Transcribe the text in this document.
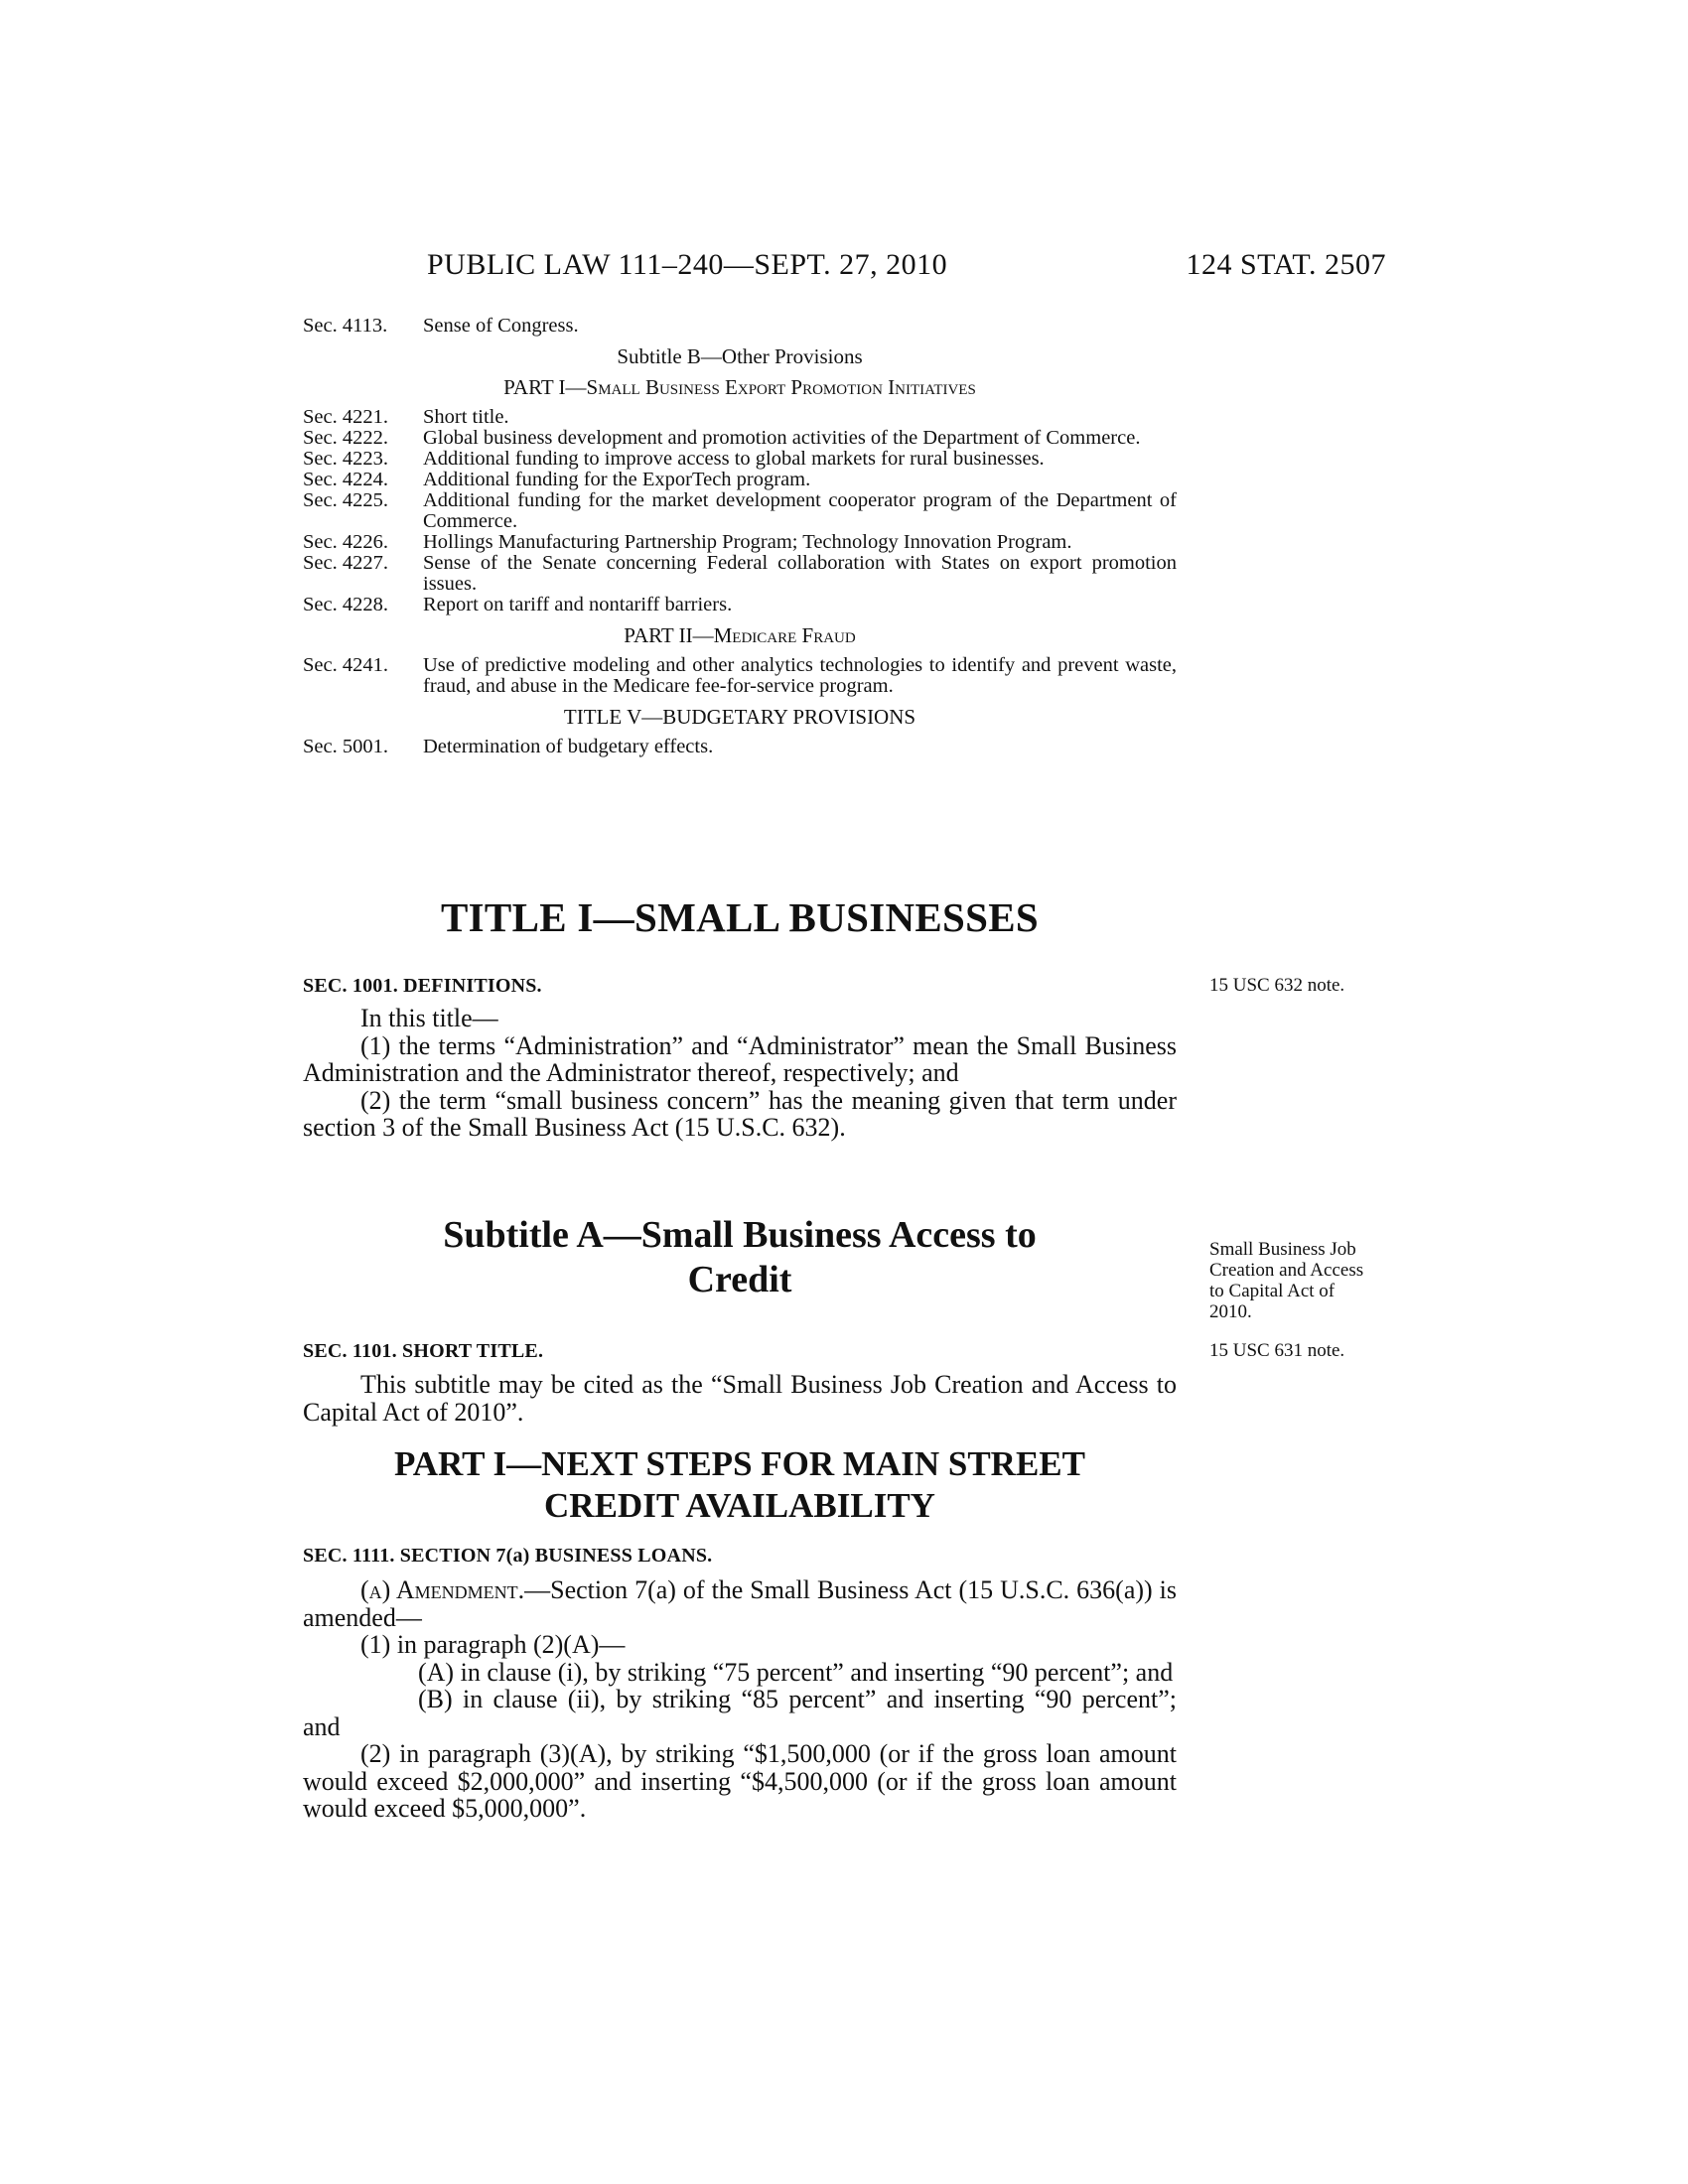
PUBLIC LAW 111–240—SEPT. 27, 2010	124 STAT. 2507
Sec. 4113.	Sense of Congress.
Subtitle B—Other Provisions
PART I—Small Business Export Promotion Initiatives
Sec. 4221.	Short title.
Sec. 4222.	Global business development and promotion activities of the Department of Commerce.
Sec. 4223.	Additional funding to improve access to global markets for rural businesses.
Sec. 4224.	Additional funding for the ExporTech program.
Sec. 4225.	Additional funding for the market development cooperator program of the Department of Commerce.
Sec. 4226.	Hollings Manufacturing Partnership Program; Technology Innovation Program.
Sec. 4227.	Sense of the Senate concerning Federal collaboration with States on export promotion issues.
Sec. 4228.	Report on tariff and nontariff barriers.
PART II—Medicare Fraud
Sec. 4241.	Use of predictive modeling and other analytics technologies to identify and prevent waste, fraud, and abuse in the Medicare fee-for-service program.
TITLE V—BUDGETARY PROVISIONS
Sec. 5001.	Determination of budgetary effects.
TITLE I—SMALL BUSINESSES
SEC. 1001. DEFINITIONS.	15 USC 632 note.

In this title—

(1) the terms “Administration” and “Administrator” mean the Small Business Administration and the Administrator thereof, respectively; and

(2) the term “small business concern” has the meaning given that term under section 3 of the Small Business Act (15 U.S.C. 632).

Subtitle A—Small Business Access to
Credit
Small Business Job Creation and Access to Capital Act of 2010.
SEC. 1101. SHORT TITLE.	15 USC 631 note.

This subtitle may be cited as the “Small Business Job Creation and Access to Capital Act of 2010”.

PART I—NEXT STEPS FOR MAIN STREET
CREDIT AVAILABILITY
SEC. 1111. SECTION 7(a) BUSINESS LOANS.

(a) Amendment.—Section 7(a) of the Small Business Act (15 U.S.C. 636(a)) is amended—

(1) in paragraph (2)(A)—

(A) in clause (i), by striking “75 percent” and inserting “90 percent”; and

(B) in clause (ii), by striking “85 percent” and inserting “90 percent”; and

(2) in paragraph (3)(A), by striking “$1,500,000 (or if the gross loan amount would exceed $2,000,000” and inserting “$4,500,000 (or if the gross loan amount would exceed $5,000,000”.
